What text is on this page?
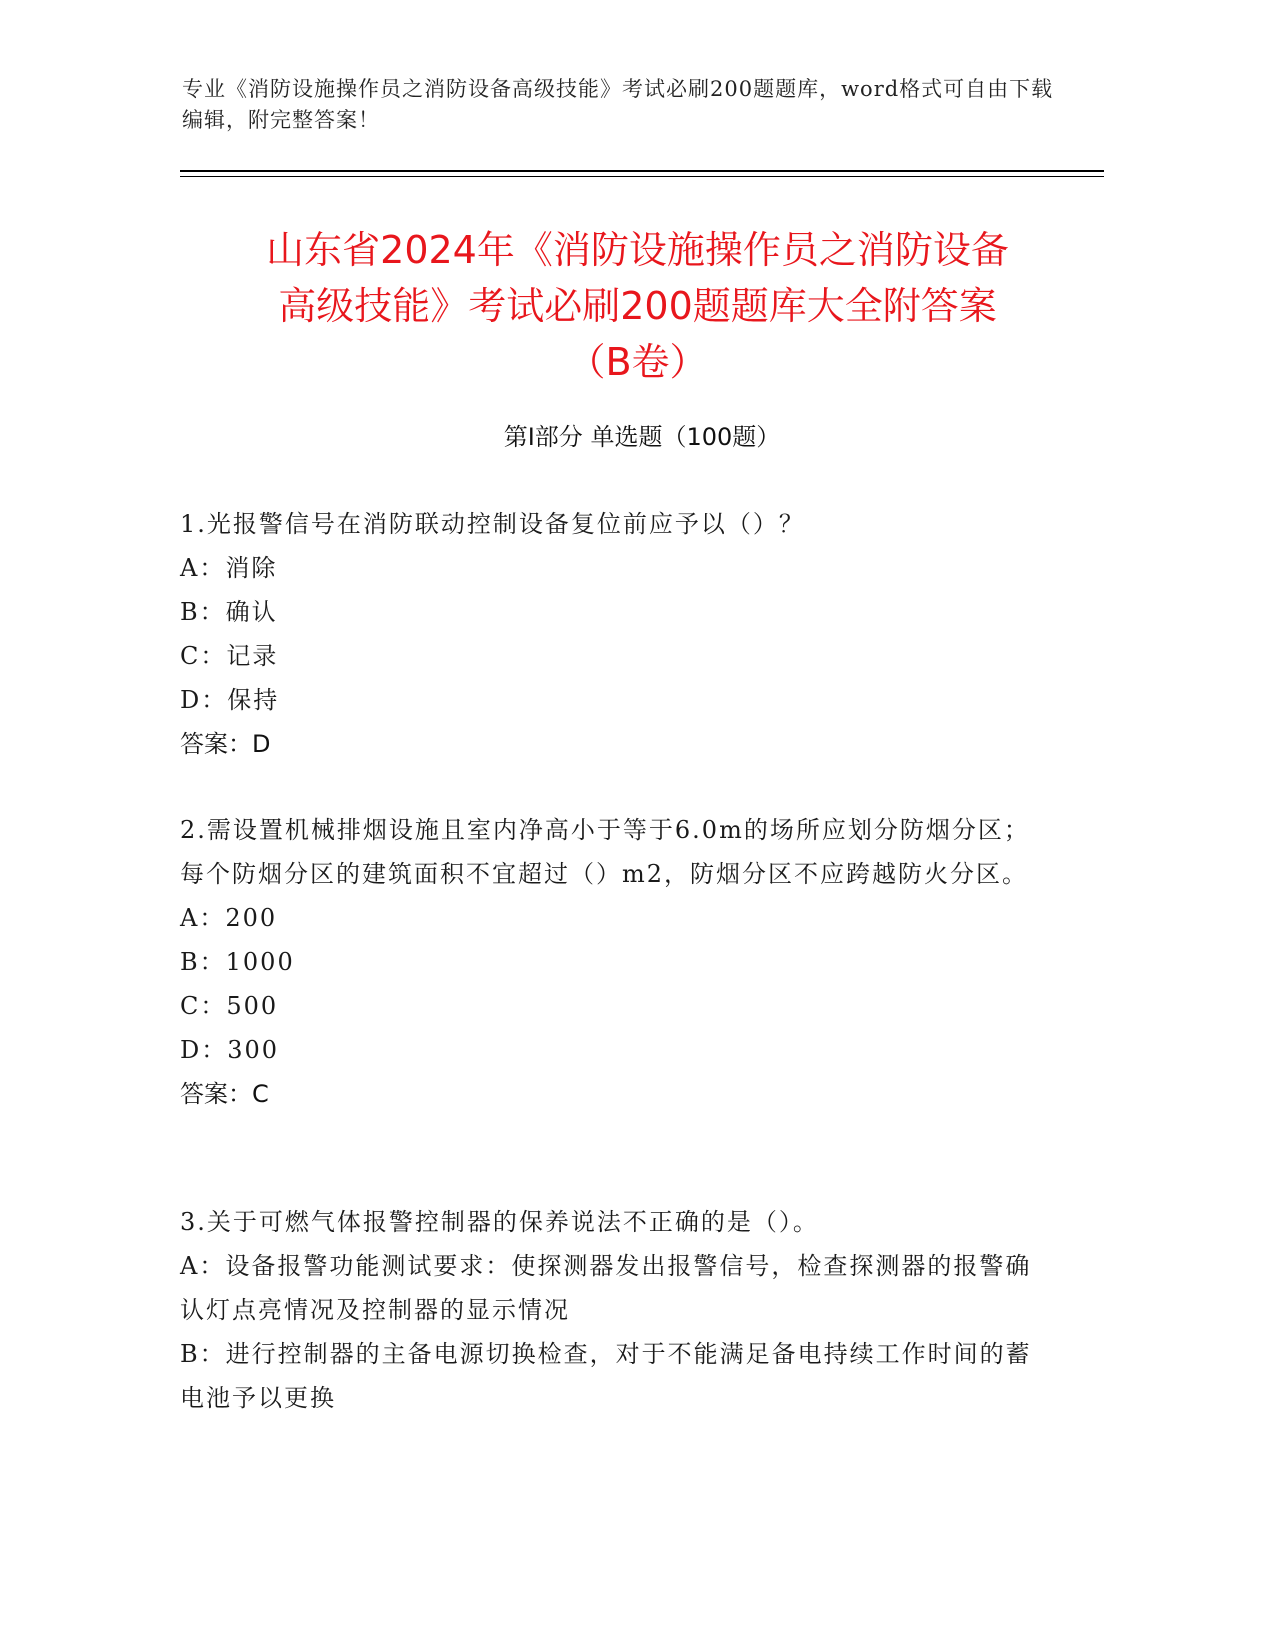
专业《消防设施操作员之消防设备高级技能》考试必刷200题题库，word格式可自由下载编辑，附完整答案！
山东省2024年《消防设施操作员之消防设备
高级技能》考试必刷200题题库大全附答案
（B卷）
第Ⅰ部分 单选题（100题）

1.光报警信号在消防联动控制设备复位前应予以（）？

A：消除

B：确认

C：记录

D：保持

答案：D

2.需设置机械排烟设施且室内净高小于等于6.0m的场所应划分防烟分区；每个防烟分区的建筑面积不宜超过（）m2，防烟分区不应跨越防火分区。

A：200

B：1000

C：500

D：300

答案：C

3.关于可燃气体报警控制器的保养说法不正确的是（）。

A：设备报警功能测试要求：使探测器发出报警信号，检查探测器的报警确认灯点亮情况及控制器的显示情况

B：进行控制器的主备电源切换检查，对于不能满足备电持续工作时间的蓄电池予以更换
